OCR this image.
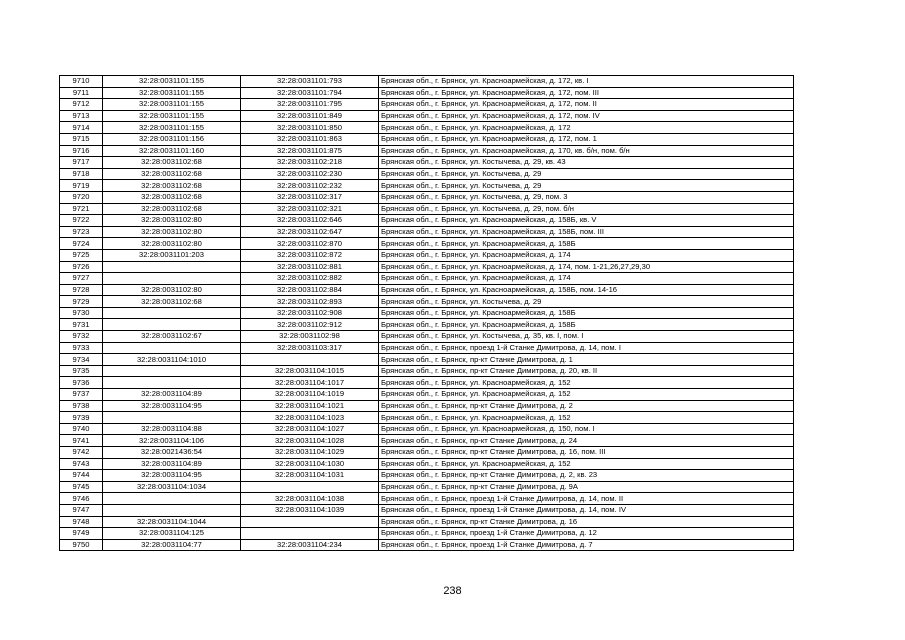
9710	32:28:0031101:155	32:28:0031101:793	Брянская обл., г. Брянск, ул. Красноармейская, д. 172, кв. I
9711	32:28:0031101:155	32:28:0031101:794	Брянская обл., г. Брянск, ул. Красноармейская, д. 172, пом. III
9712	32:28:0031101:155	32:28:0031101:795	Брянская обл., г. Брянск, ул. Красноармейская, д. 172, пом. II
9713	32:28:0031101:155	32:28:0031101:849	Брянская обл., г. Брянск, ул. Красноармейская, д. 172, пом. IV
9714	32:28:0031101:155	32:28:0031101:850	Брянская обл., г. Брянск, ул. Красноармейская, д. 172
9715	32:28:0031101:156	32:28:0031101:863	Брянская обл., г. Брянск, ул. Красноармейская, д. 172, пом. 1
9716	32:28:0031101:160	32:28:0031101:875	Брянская обл., г. Брянск, ул. Красноармейская, д. 170, кв. б/н, пом. б/н
9717	32:28:0031102:68	32:28:0031102:218	Брянская обл., г. Брянск, ул. Костычева, д. 29, кв. 43
9718	32:28:0031102:68	32:28:0031102:230	Брянская обл., г. Брянск, ул. Костычева, д. 29
9719	32:28:0031102:68	32:28:0031102:232	Брянская обл., г. Брянск, ул. Костычева, д. 29
9720	32:28:0031102:68	32:28:0031102:317	Брянская обл., г. Брянск, ул. Костычева, д. 29, пом. 3
9721	32:28:0031102:68	32:28:0031102:321	Брянская обл., г. Брянск, ул. Костычева, д. 29, пом. б/н
9722	32:28:0031102:80	32:28:0031102:646	Брянская обл., г. Брянск, ул. Красноармейская, д. 158Б, кв. V
9723	32:28:0031102:80	32:28:0031102:647	Брянская обл., г. Брянск, ул. Красноармейская, д. 158Б, пом. III
9724	32:28:0031102:80	32:28:0031102:870	Брянская обл., г. Брянск, ул. Красноармейская, д. 158Б
9725	32:28:0031101:203	32:28:0031102:872	Брянская обл., г. Брянск, ул. Красноармейская, д. 174
9726		32:28:0031102:881	Брянская обл., г. Брянск, ул. Красноармейская, д. 174, пом. 1-21,26,27,29,30
9727		32:28:0031102:882	Брянская обл., г. Брянск, ул. Красноармейская, д. 174
9728	32:28:0031102:80	32:28:0031102:884	Брянская обл., г. Брянск, ул. Красноармейская, д. 158Б, пом. 14-16
9729	32:28:0031102:68	32:28:0031102:893	Брянская обл., г. Брянск, ул. Костычева, д. 29
9730		32:28:0031102:908	Брянская обл., г. Брянск, ул. Красноармейская, д. 158Б
9731		32:28:0031102:912	Брянская обл., г. Брянск, ул. Красноармейская, д. 158Б
9732	32:28:0031102:67	32:28:0031102:98	Брянская обл., г. Брянск, ул. Костычева, д. 35, кв. I, пом. I
9733		32:28:0031103:317	Брянская обл., г. Брянск, проезд 1-й Станке Димитрова, д. 14, пом. I
9734	32:28:0031104:1010		Брянская обл., г. Брянск, пр-кт Станке Димитрова, д. 1
9735		32:28:0031104:1015	Брянская обл., г. Брянск, пр-кт Станке Димитрова, д. 20, кв. II
9736		32:28:0031104:1017	Брянская обл., г. Брянск, ул. Красноармейская, д. 152
9737	32:28:0031104:89	32:28:0031104:1019	Брянская обл., г. Брянск, ул. Красноармейская, д. 152
9738	32:28:0031104:95	32:28:0031104:1021	Брянская обл., г. Брянск, пр-кт Станке Димитрова, д. 2
9739		32:28:0031104:1023	Брянская обл., г. Брянск, ул. Красноармейская, д. 152
9740	32:28:0031104:88	32:28:0031104:1027	Брянская обл., г. Брянск, ул. Красноармейская, д. 150, пом. I
9741	32:28:0031104:106	32:28:0031104:1028	Брянская обл., г. Брянск, пр-кт Станке Димитрова, д. 24
9742	32:28:0021436:54	32:28:0031104:1029	Брянская обл., г. Брянск, пр-кт Станке Димитрова, д. 16, пом. III
9743	32:28:0031104:89	32:28:0031104:1030	Брянская обл., г. Брянск, ул. Красноармейская, д. 152
9744	32:28:0031104:95	32:28:0031104:1031	Брянская обл., г. Брянск, пр-кт Станке Димитрова, д. 2, кв. 23
9745	32:28:0031104:1034		Брянская обл., г. Брянск, пр-кт Станке Димитрова, д. 9А
9746		32:28:0031104:1038	Брянская обл., г. Брянск, проезд 1-й Станке Димитрова, д. 14, пом. II
9747		32:28:0031104:1039	Брянская обл., г. Брянск, проезд 1-й Станке Димитрова, д. 14, пом. IV
9748	32:28:0031104:1044		Брянская обл., г. Брянск, пр-кт Станке Димитрова, д. 16
9749	32:28:0031104:125		Брянская обл., г. Брянск, проезд 1-й Станке Димитрова, д. 12
9750	32:28:0031104:77	32:28:0031104:234	Брянская обл., г. Брянск, проезд 1-й Станке Димитрова, д. 7
238
